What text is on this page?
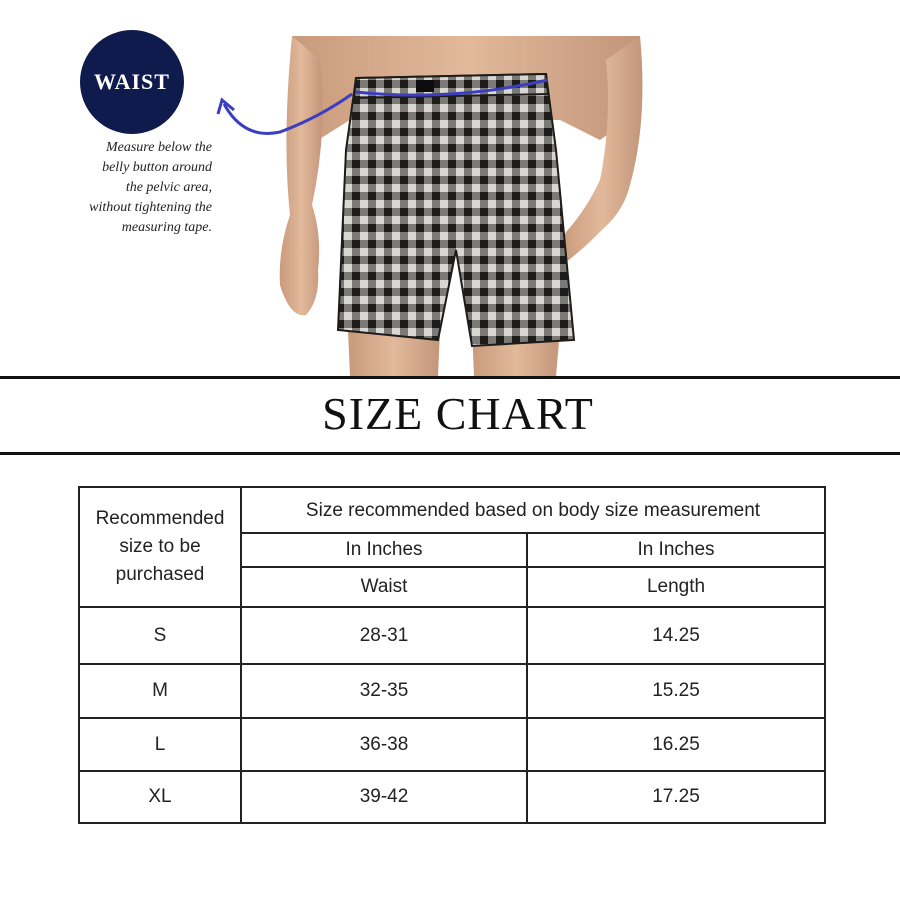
WAIST
Measure below the
belly button around
the pelvic area,
without tightening the
measuring tape.
SIZE CHART
Recommended size to be purchased	Size recommended based on body size measurement	
	In Inches	In Inches
	Waist	Length
S	28-31	14.25
M	32-35	15.25
L	36-38	16.25
XL	39-42	17.25
